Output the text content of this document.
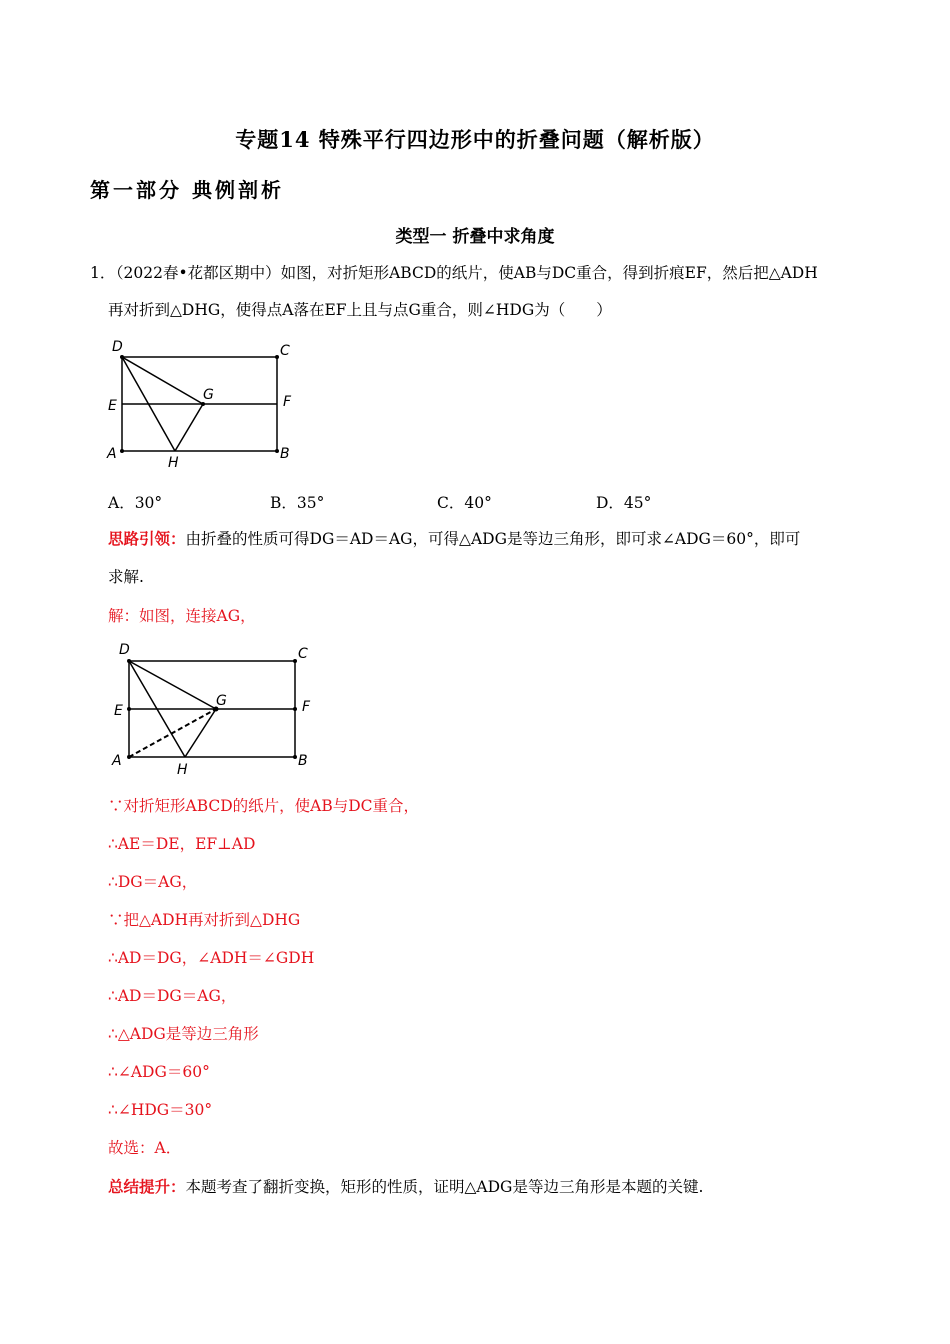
专题14 特殊平行四边形中的折叠问题（解析版）
第一部分 典例剖析
类型一 折叠中求角度
1．
（2022春•花都区期中）如图，对折矩形ABCD的纸片，使AB与DC重合，得到折痕EF，然后把△ADH
再对折到△DHG，使得点A落在EF上且与点G重合，则∠HDG为（　　）
D	C
E
G	F
A
H
B
A．30°	B．35°	C．40°	D．45°
思路引领：由折叠的性质可得DG＝AD＝AG，可得△ADG是等边三角形，即可求∠ADG＝60°，即可
求解.
解：如图，连接AG，
D	C
E
G	F
A
H
B
∵对折矩形ABCD的纸片，使AB与DC重合，
∴AE＝DE，EF⊥AD
∴DG＝AG，
∵把△ADH再对折到△DHG
∴AD＝DG，∠ADH＝∠GDH
∴AD＝DG＝AG，
∴△ADG是等边三角形
∴∠ADG＝60°
∴∠HDG＝30°
故选：A．
总结提升：本题考查了翻折变换，矩形的性质，证明△ADG是等边三角形是本题的关键.
